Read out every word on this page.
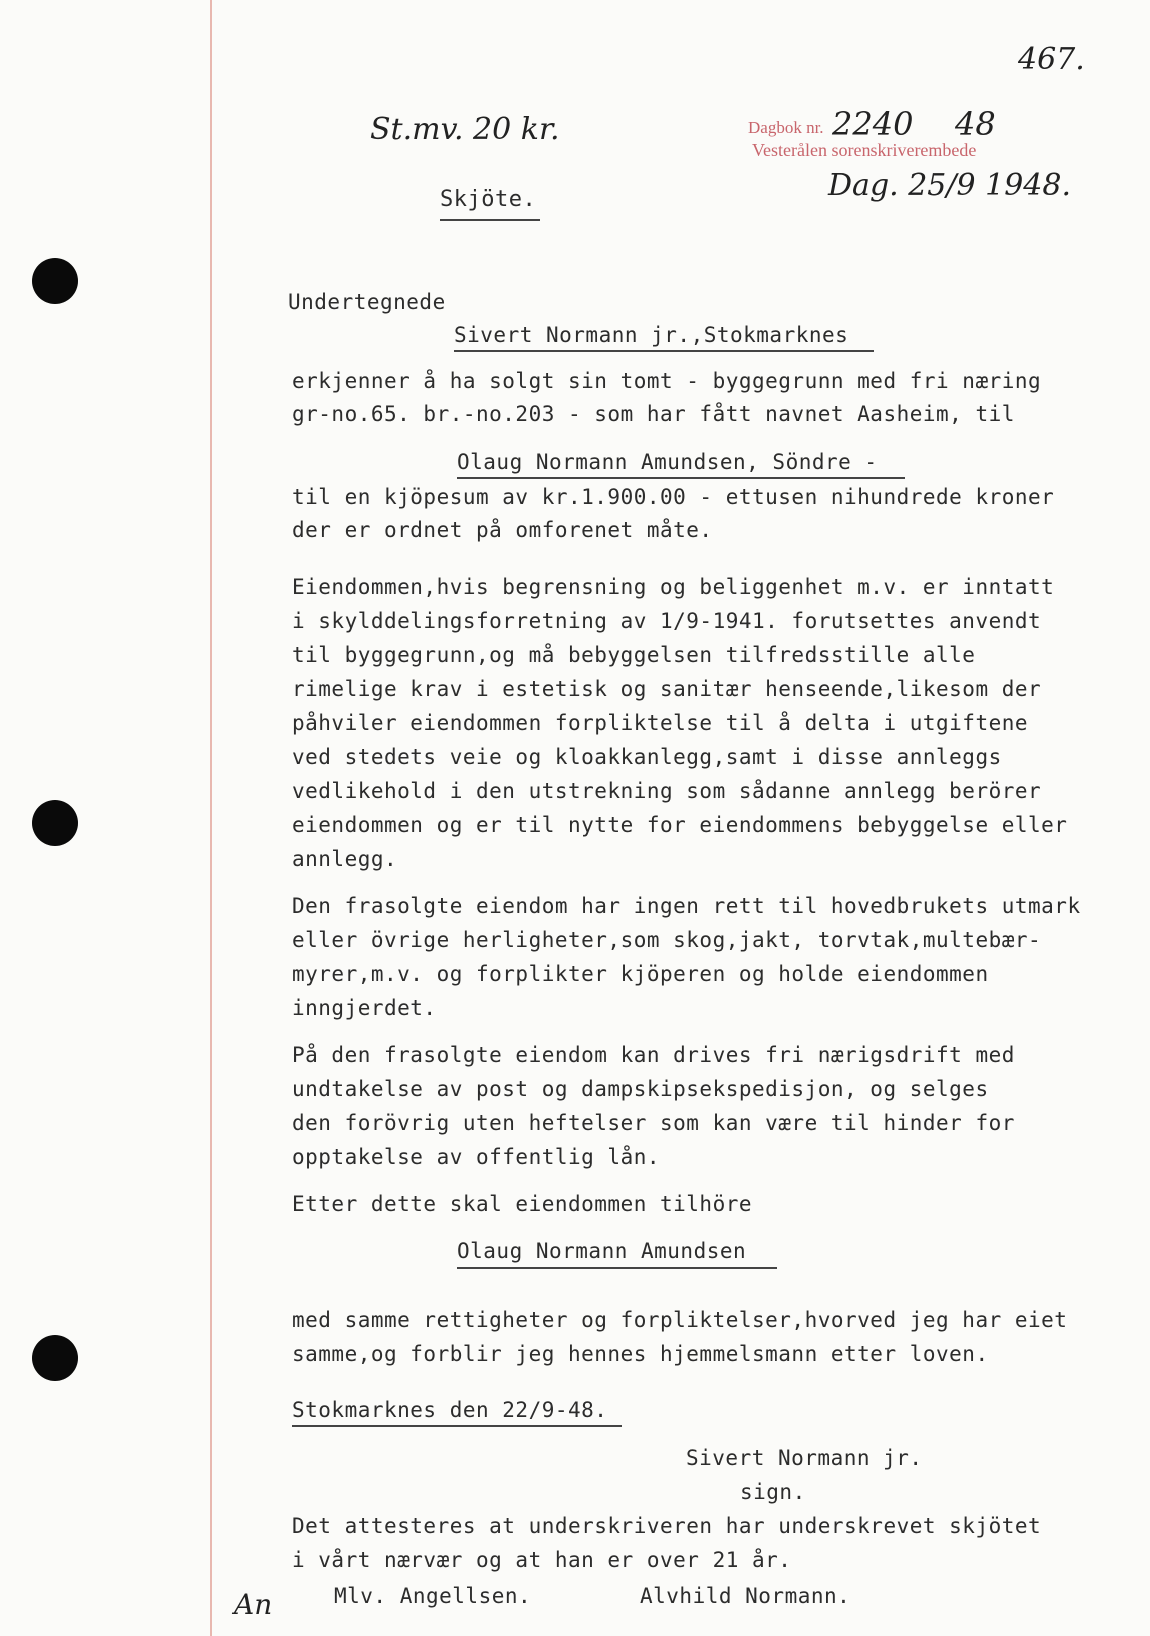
467.
St.mv. 20 kr.	Dagbok nr. 2240 48
Vesterålen sorenskriverembede
Dag. 25/9 1948.
Skjöte.
Undertegnede
Sivert Normann jr.,Stokmarknes
erkjenner å ha solgt sin tomt - byggegrunn med fri næring
gr-no.65. br.-no.203 - som har fått navnet Aasheim, til
Olaug Normann Amundsen, Söndre -
til en kjöpesum av kr.1.900.00 - ettusen nihundrede kroner
der er ordnet på omforenet måte.
Eiendommen,hvis begrensning og beliggenhet m.v. er inntatt
i skylddelingsforretning av 1/9-1941. forutsettes anvendt
til byggegrunn,og må bebyggelsen tilfredsstille alle
rimelige krav i estetisk og sanitær henseende,likesom der
påhviler eiendommen forpliktelse til å delta i utgiftene
ved stedets veie og kloakkanlegg,samt i disse annleggs
vedlikehold i den utstrekning som sådanne annlegg berörer
eiendommen og er til nytte for eiendommens bebyggelse eller
annlegg.
Den frasolgte eiendom har ingen rett til hovedbrukets utmark
eller övrige herligheter,som skog,jakt, torvtak,multebær-
myrer,m.v. og forplikter kjöperen og holde eiendommen
inngjerdet.
På den frasolgte eiendom kan drives fri nærigsdrift med
undtakelse av post og dampskipsekspedisjon, og selges
den forövrig uten heftelser som kan være til hinder for
opptakelse av offentlig lån.
Etter dette skal eiendommen tilhöre
Olaug Normann Amundsen
med samme rettigheter og forpliktelser,hvorved jeg har eiet
samme,og forblir jeg hennes hjemmelsmann etter loven.
Stokmarknes den 22/9-48.
Sivert Normann jr.
sign.
Det attesteres at underskriveren har underskrevet skjötet
i vårt nærvær og at han er over 21 år.
Mlv. Angellsen.	Alvhild Normann.
An
